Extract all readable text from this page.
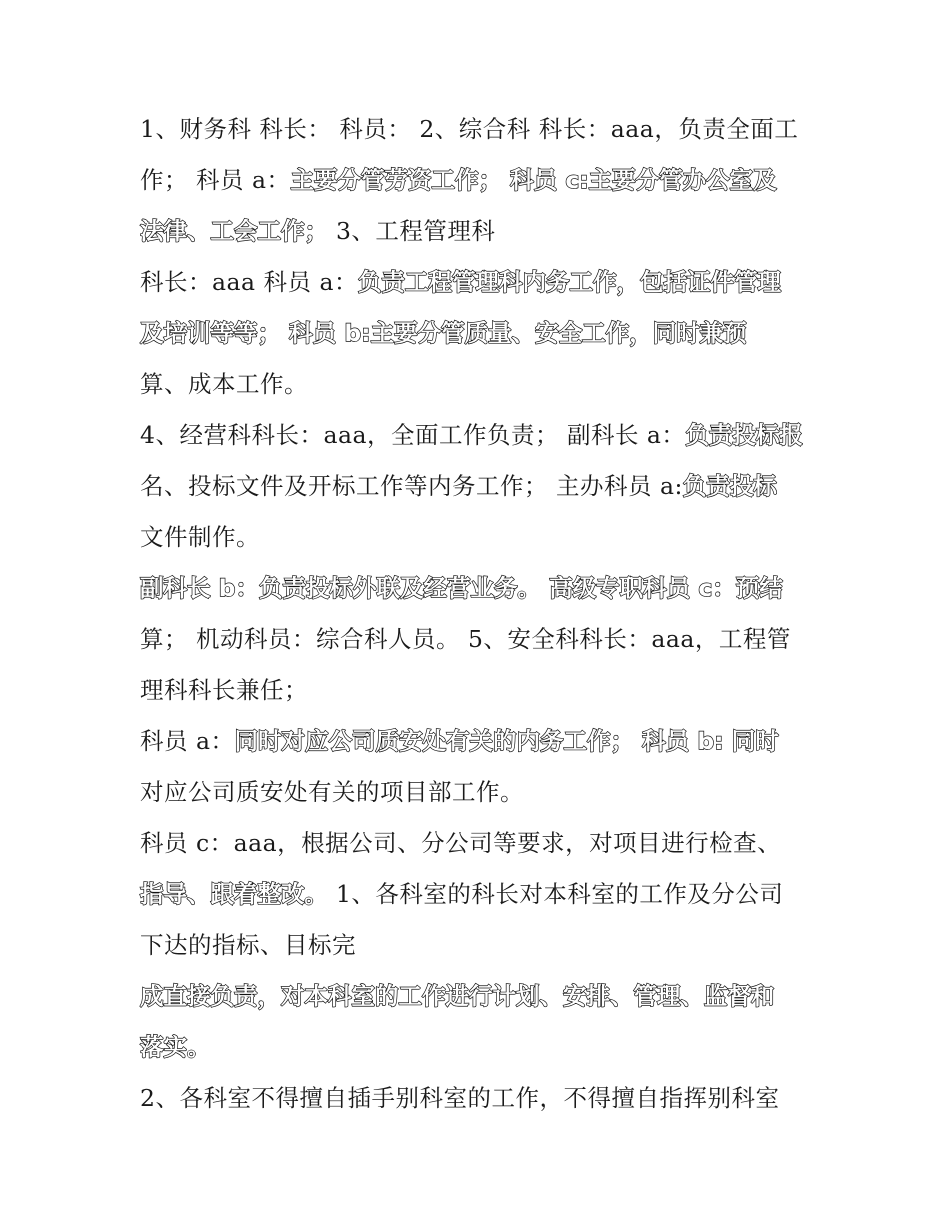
1、财务科 科长： 科员： 2、综合科 科长：aaa，负责全面工
作； 科员 a：主要分管劳资工作； 科员 c:主要分管办公室及
法律、工会工作； 3、工程管理科
科长：aaa 科员 a：负责工程管理科内务工作，包括证件管理
及培训等等； 科员 b:主要分管质量、安全工作，同时兼预
算、成本工作。
4、经营科科长：aaa，全面工作负责； 副科长 a：负责投标报
名、投标文件及开标工作等内务工作； 主办科员 a:负责投标
文件制作。
副科长 b：负责投标外联及经营业务。 高级专职科员 c：预结
算； 机动科员：综合科人员。 5、安全科科长：aaa，工程管
理科科长兼任；
科员 a：同时对应公司质安处有关的内务工作； 科员 b: 同时
对应公司质安处有关的项目部工作。
科员 c：aaa，根据公司、分公司等要求，对项目进行检查、
指导、跟着整改。 1、各科室的科长对本科室的工作及分公司
下达的指标、目标完
成直接负责，对本科室的工作进行计划、安排、管理、监督和
落实。
2、各科室不得擅自插手别科室的工作，不得擅自指挥别科室
